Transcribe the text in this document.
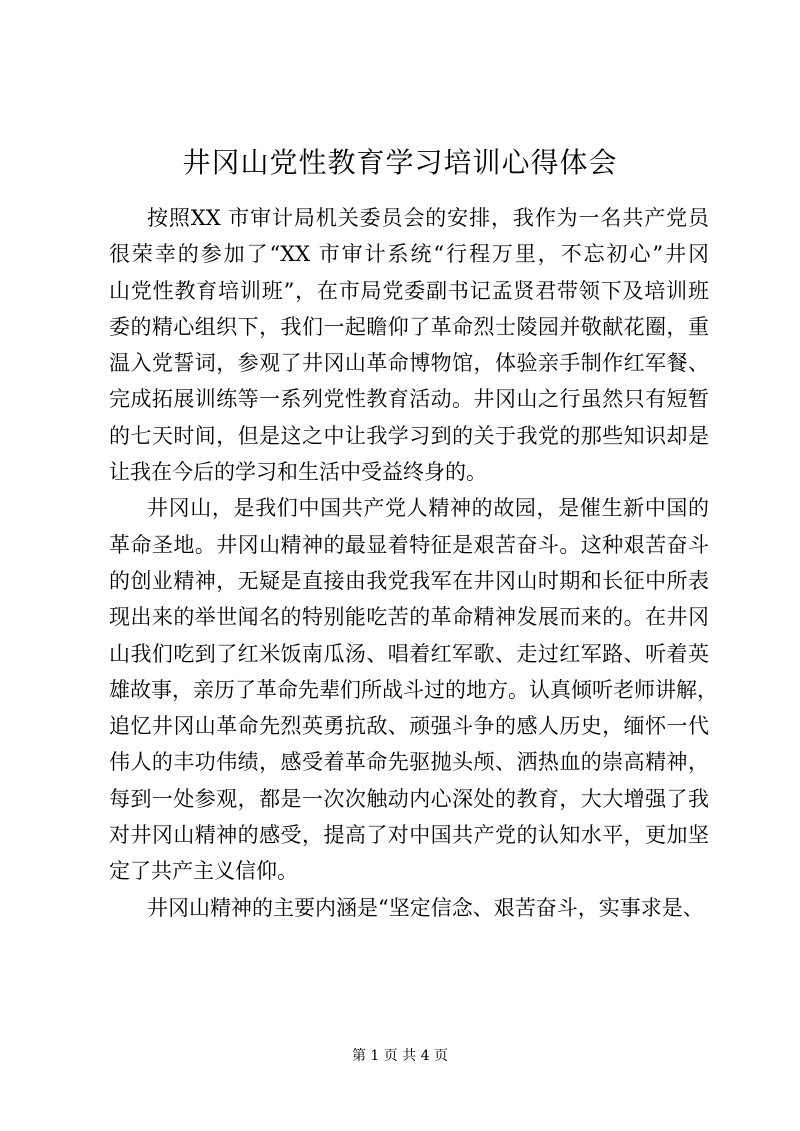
井冈山党性教育学习培训心得体会
按照XX 市审计局机关委员会的安排，我作为一名共产党员
很荣幸的参加了“XX 市审计系统“行程万里，不忘初心”井冈
山党性教育培训班”，在市局党委副书记孟贤君带领下及培训班
委的精心组织下，我们一起瞻仰了革命烈士陵园并敬献花圈，重
温入党誓词，参观了井冈山革命博物馆，体验亲手制作红军餐、
完成拓展训练等一系列党性教育活动。井冈山之行虽然只有短暂
的七天时间，但是这之中让我学习到的关于我党的那些知识却是
让我在今后的学习和生活中受益终身的。
井冈山，是我们中国共产党人精神的故园，是催生新中国的
革命圣地。井冈山精神的最显着特征是艰苦奋斗。这种艰苦奋斗
的创业精神，无疑是直接由我党我军在井冈山时期和长征中所表
现出来的举世闻名的特别能吃苦的革命精神发展而来的。在井冈
山我们吃到了红米饭南瓜汤、唱着红军歌、走过红军路、听着英
雄故事，亲历了革命先辈们所战斗过的地方。认真倾听老师讲解，
追忆井冈山革命先烈英勇抗敌、顽强斗争的感人历史，缅怀一代
伟人的丰功伟绩，感受着革命先驱抛头颅、洒热血的崇高精神，
每到一处参观，都是一次次触动内心深处的教育，大大增强了我
对井冈山精神的感受，提高了对中国共产党的认知水平，更加坚
定了共产主义信仰。
井冈山精神的主要内涵是“坚定信念、艰苦奋斗，实事求是、
第 1 页 共 4 页
